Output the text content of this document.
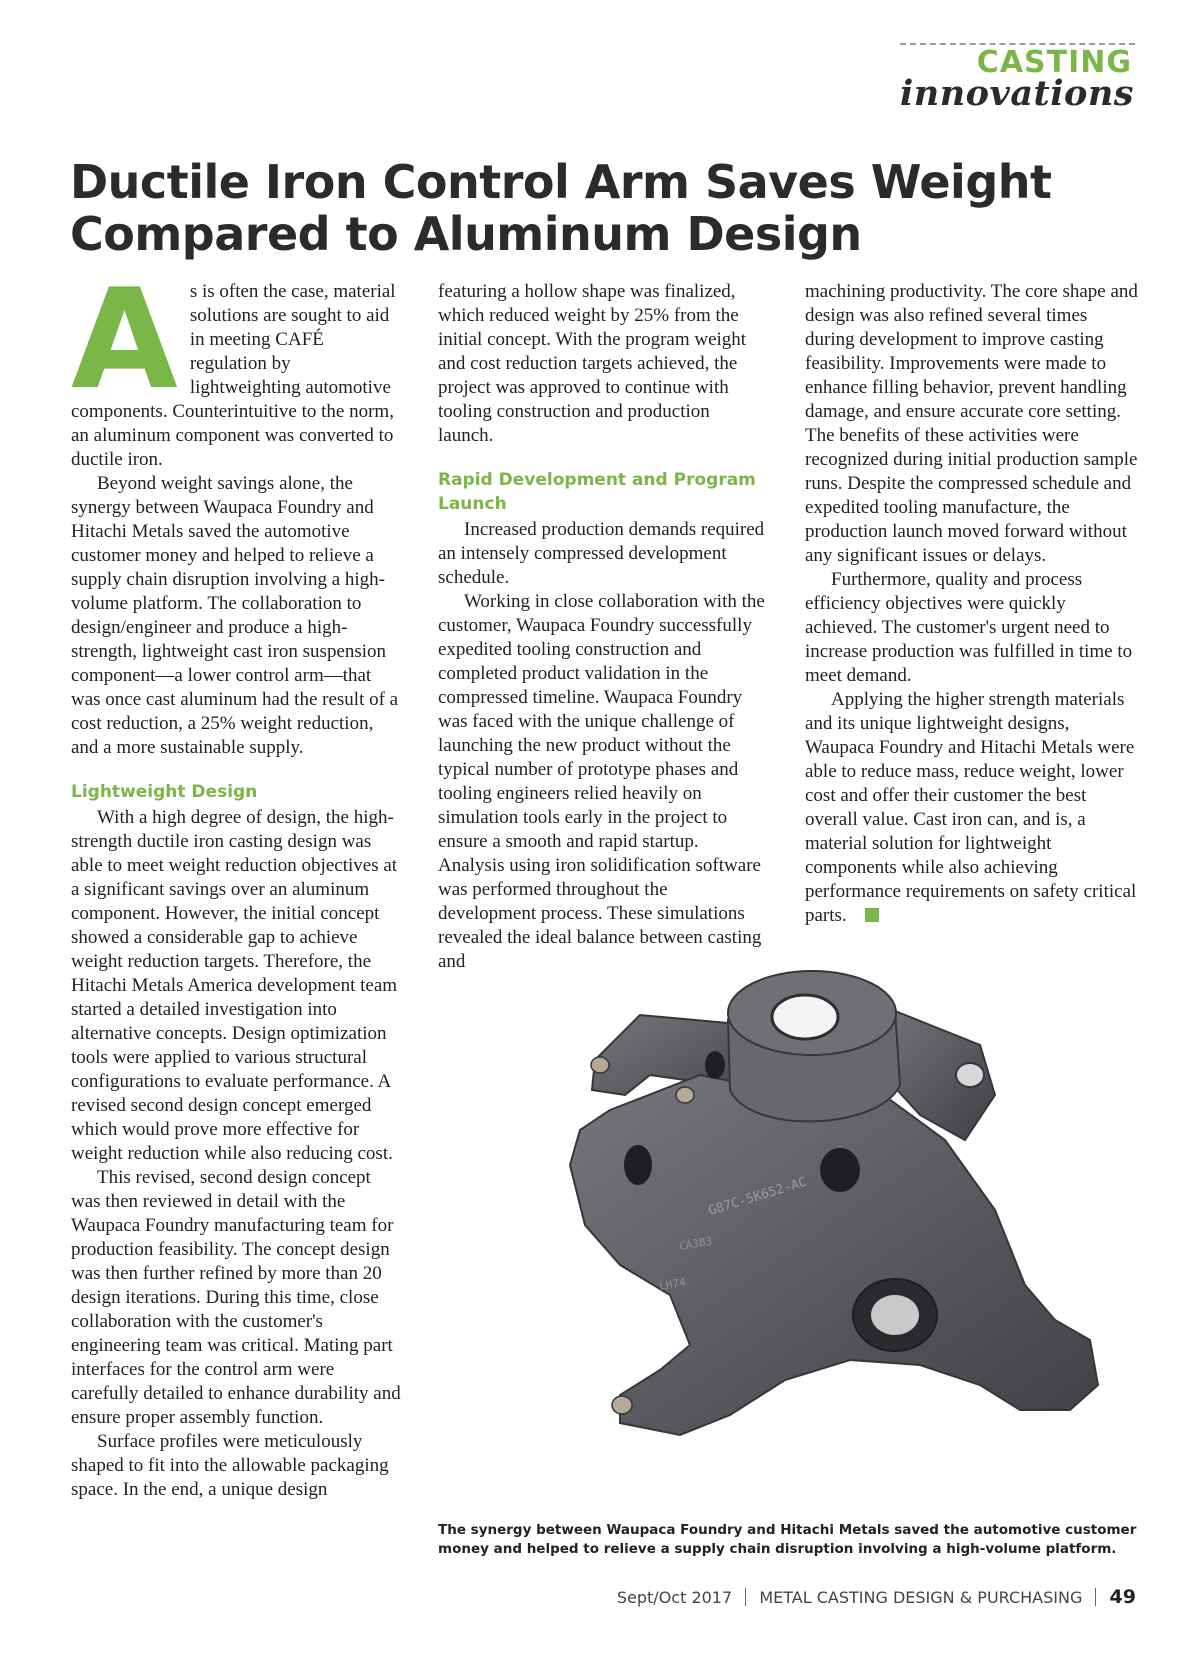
CASTING
innovations
Ductile Iron Control Arm Saves Weight Compared to Aluminum Design
A s is often the case, material solutions are sought to aid in meeting CAFÉ regulation by lightweighting automotive components. Counterintuitive to the norm, an aluminum component was converted to ductile iron.

Beyond weight savings alone, the synergy between Waupaca Foundry and Hitachi Metals saved the automotive customer money and helped to relieve a supply chain disruption involving a high-volume platform. The collaboration to design/engineer and produce a high-strength, lightweight cast iron suspension component—a lower control arm—that was once cast aluminum had the result of a cost reduction, a 25% weight reduction, and a more sustainable supply.

Lightweight Design

With a high degree of design, the high-strength ductile iron casting design was able to meet weight reduction objectives at a significant savings over an aluminum component. However, the initial concept showed a considerable gap to achieve weight reduction targets. Therefore, the Hitachi Metals America development team started a detailed investigation into alternative concepts. Design optimization tools were applied to various structural configurations to evaluate performance. A revised second design concept emerged which would prove more effective for weight reduction while also reducing cost.

This revised, second design concept was then reviewed in detail with the Waupaca Foundry manufacturing team for production feasibility. The concept design was then further refined by more than 20 design iterations. During this time, close collaboration with the customer's engineering team was critical. Mating part interfaces for the control arm were carefully detailed to enhance durability and ensure proper assembly function.

Surface profiles were meticulously shaped to fit into the allowable packaging space. In the end, a unique design

featuring a hollow shape was finalized, which reduced weight by 25% from the initial concept. With the program weight and cost reduction targets achieved, the project was approved to continue with tooling construction and production launch.

Rapid Development and Program Launch

Increased production demands required an intensely compressed development schedule.

Working in close collaboration with the customer, Waupaca Foundry successfully expedited tooling construction and completed product validation in the compressed timeline. Waupaca Foundry was faced with the unique challenge of launching the new product without the typical number of prototype phases and tooling engineers relied heavily on simulation tools early in the project to ensure a smooth and rapid startup. Analysis using iron solidification software was performed throughout the development process. These simulations revealed the ideal balance between casting and

machining productivity. The core shape and design was also refined several times during development to improve casting feasibility. Improvements were made to enhance filling behavior, prevent handling damage, and ensure accurate core setting. The benefits of these activities were recognized during initial production sample runs. Despite the compressed schedule and expedited tooling manufacture, the production launch moved forward without any significant issues or delays.

Furthermore, quality and process efficiency objectives were quickly achieved. The customer's urgent need to increase production was fulfilled in time to meet demand.

Applying the higher strength materials and its unique lightweight designs, Waupaca Foundry and Hitachi Metals were able to reduce mass, reduce weight, lower cost and offer their customer the best overall value. Cast iron can, and is, a material solution for lightweight components while also achieving performance requirements on safety critical parts.

G87C-5K652-AC
CA3B3
LH74

The synergy between Waupaca Foundry and Hitachi Metals saved the automotive customer money and helped to relieve a supply chain disruption involving a high-volume platform.

Sept/Oct 2017 METAL CASTING DESIGN & PURCHASING 49
